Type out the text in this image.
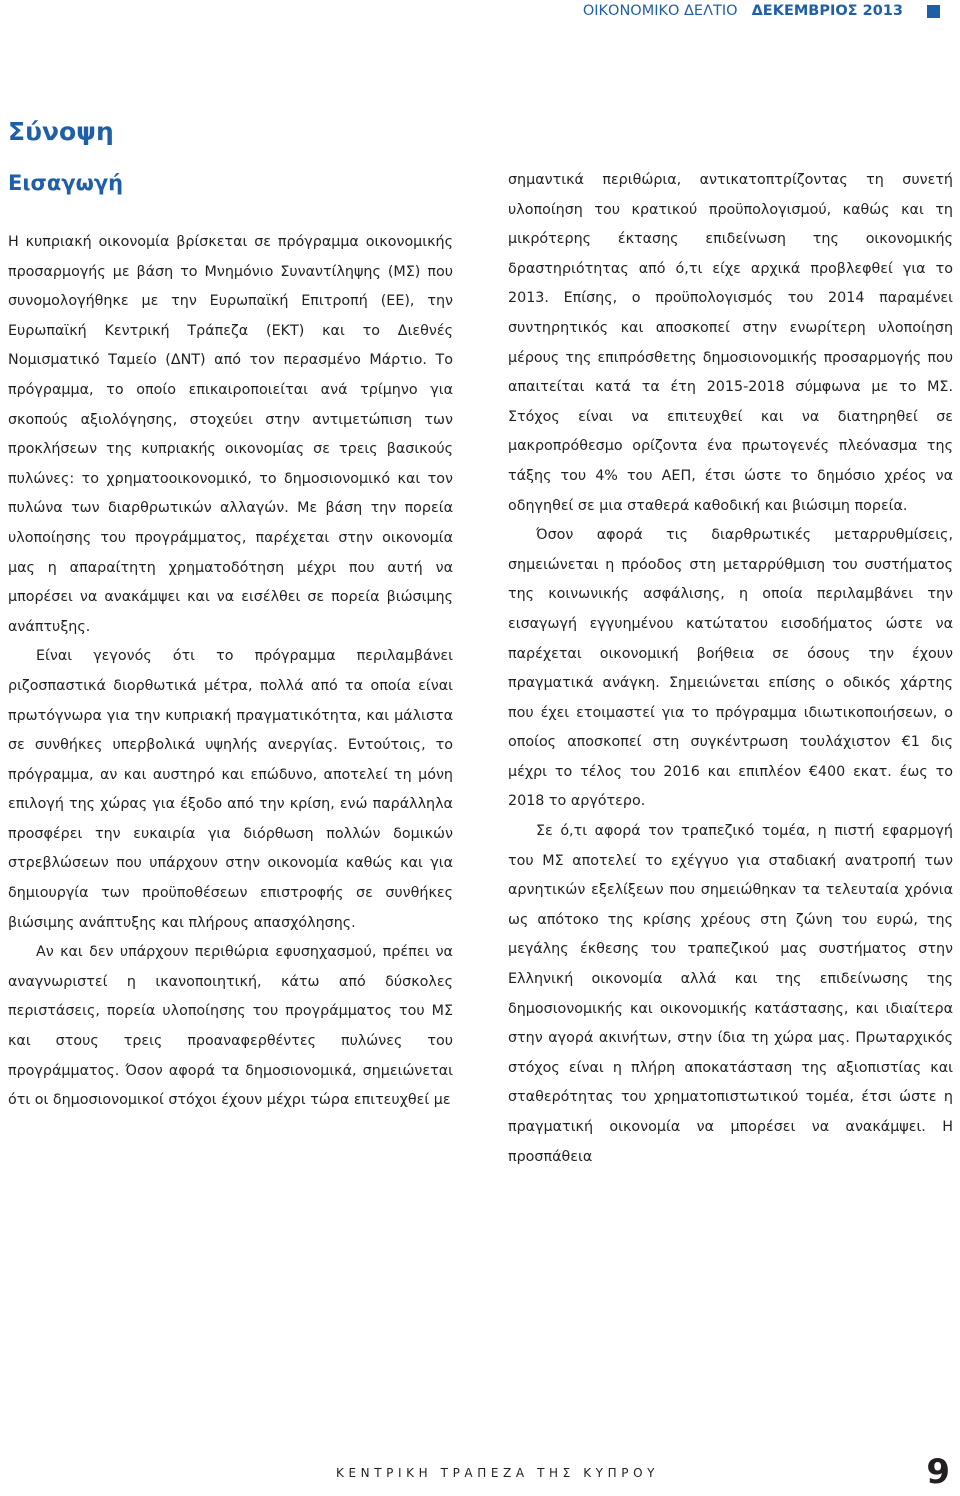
ΟΙΚΟΝΟΜΙΚΟ ΔΕΛΤΙΟ ΔΕΚΕΜΒΡΙΟΣ 2013
Σύνοψη
Εισαγωγή

Η κυπριακή οικονομία βρίσκεται σε πρόγραμμα οικονομικής προσαρμογής με βάση το Μνημόνιο Συναντίληψης (ΜΣ) που συνομολογήθηκε με την Ευρωπαϊκή Επιτροπή (ΕΕ), την Ευρωπαϊκή Κεντρική Τράπεζα (ΕΚΤ) και το Διεθνές Νομισματικό Ταμείο (ΔΝΤ) από τον περασμένο Μάρτιο. Το πρόγραμμα, το οποίο επικαιροποιείται ανά τρίμηνο για σκοπούς αξιολόγησης, στοχεύει στην αντιμετώπιση των προκλήσεων της κυπριακής οικονομίας σε τρεις βασικούς πυλώνες: το χρηματοοικονομικό, το δημοσιονομικό και τον πυλώνα των διαρθρωτικών αλλαγών. Με βάση την πορεία υλοποίησης του προγράμματος, παρέχεται στην οικονομία μας η απαραίτητη χρηματοδότηση μέχρι που αυτή να μπορέσει να ανακάμψει και να εισέλθει σε πορεία βιώσιμης ανάπτυξης.

Είναι γεγονός ότι το πρόγραμμα περιλαμβάνει ριζοσπαστικά διορθωτικά μέτρα, πολλά από τα οποία είναι πρωτόγνωρα για την κυπριακή πραγματικότητα, και μάλιστα σε συνθήκες υπερβολικά υψηλής ανεργίας. Εντούτοις, το πρόγραμμα, αν και αυστηρό και επώδυνο, αποτελεί τη μόνη επιλογή της χώρας για έξοδο από την κρίση, ενώ παράλληλα προσφέρει την ευκαιρία για διόρθωση πολλών δομικών στρεβλώσεων που υπάρχουν στην οικονομία καθώς και για δημιουργία των προϋποθέσεων επιστροφής σε συνθήκες βιώσιμης ανάπτυξης και πλήρους απασχόλησης.

Αν και δεν υπάρχουν περιθώρια εφυσηχασμού, πρέπει να αναγνωριστεί η ικανοποιητική, κάτω από δύσκολες περιστάσεις, πορεία υλοποίησης του προγράμματος του ΜΣ και στους τρεις προαναφερθέντες πυλώνες του προγράμματος. Όσον αφορά τα δημοσιονομικά, σημειώνεται ότι οι δημοσιονομικοί στόχοι έχουν μέχρι τώρα επιτευχθεί με

σημαντικά περιθώρια, αντικατοπτρίζοντας τη συνετή υλοποίηση του κρατικού προϋπολογισμού, καθώς και τη μικρότερης έκτασης επιδείνωση της οικονομικής δραστηριότητας από ό,τι είχε αρχικά προβλεφθεί για το 2013. Επίσης, ο προϋπολογισμός του 2014 παραμένει συντηρητικός και αποσκοπεί στην ενωρίτερη υλοποίηση μέρους της επιπρόσθετης δημοσιονομικής προσαρμογής που απαιτείται κατά τα έτη 2015-2018 σύμφωνα με το ΜΣ. Στόχος είναι να επιτευχθεί και να διατηρηθεί σε μακροπρόθεσμο ορίζοντα ένα πρωτογενές πλεόνασμα της τάξης του 4% του ΑΕΠ, έτσι ώστε το δημόσιο χρέος να οδηγηθεί σε μια σταθερά καθοδική και βιώσιμη πορεία.

Όσον αφορά τις διαρθρωτικές μεταρρυθμίσεις, σημειώνεται η πρόοδος στη μεταρρύθμιση του συστήματος της κοινωνικής ασφάλισης, η οποία περιλαμβάνει την εισαγωγή εγγυημένου κατώτατου εισοδήματος ώστε να παρέχεται οικονομική βοήθεια σε όσους την έχουν πραγματικά ανάγκη. Σημειώνεται επίσης ο οδικός χάρτης που έχει ετοιμαστεί για το πρόγραμμα ιδιωτικοποιήσεων, ο οποίος αποσκοπεί στη συγκέντρωση τουλάχιστον €1 δις μέχρι το τέλος του 2016 και επιπλέον €400 εκατ. έως το 2018 το αργότερο.

Σε ό,τι αφορά τον τραπεζικό τομέα, η πιστή εφαρμογή του ΜΣ αποτελεί το εχέγγυο για σταδιακή ανατροπή των αρνητικών εξελίξεων που σημειώθηκαν τα τελευταία χρόνια ως απότοκο της κρίσης χρέους στη ζώνη του ευρώ, της μεγάλης έκθεσης του τραπεζικού μας συστήματος στην Ελληνική οικονομία αλλά και της επιδείνωσης της δημοσιονομικής και οικονομικής κατάστασης, και ιδιαίτερα στην αγορά ακινήτων, στην ίδια τη χώρα μας. Πρωταρχικός στόχος είναι η πλήρη αποκατάσταση της αξιοπιστίας και σταθερότητας του χρηματοπιστωτικού τομέα, έτσι ώστε η πραγματική οικονομία να μπορέσει να ανακάμψει. Η προσπάθεια

ΚΕΝΤΡΙΚΗ ΤΡΑΠΕΖΑ ΤΗΣ ΚΥΠΡΟΥ	9
